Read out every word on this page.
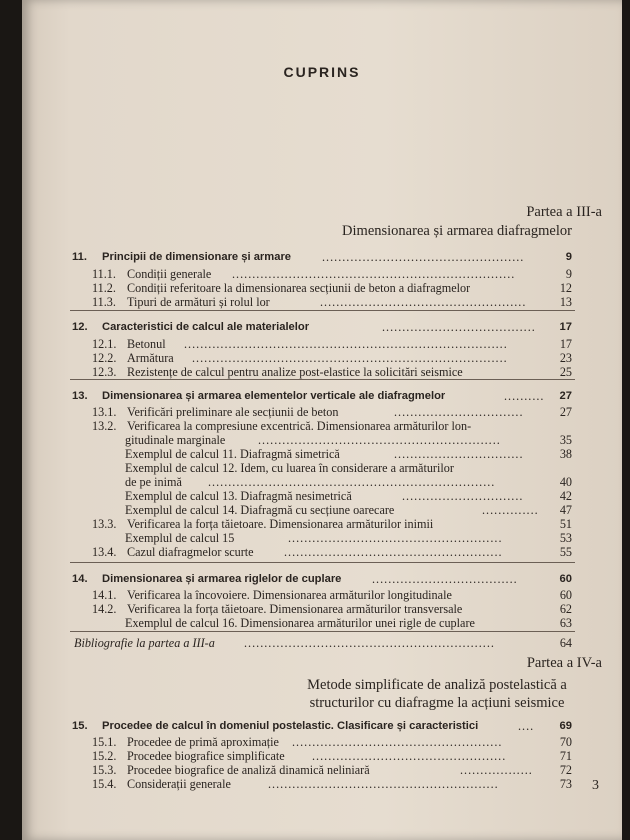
CUPRINS
Partea a III-a
Dimensionarea și armarea diafragmelor
11. Principii de dimensionare și armare	..................................................	9
11.1. Condiții generale ......................................................................	9
11.2. Condiții referitoare la dimensionarea secțiunii de beton a diafragmelor	12
11.3. Tipuri de armături și rolul lor	...................................................	13
12. Caracteristici de calcul ale materialelor	......................................	17
12.1. Betonul ................................................................................	17
12.2. Armătura ..............................................................................	23
12.3. Rezistențe de calcul pentru analize post-elastice la solicitări seismice	25
13. Dimensionarea și armarea elementelor verticale ale diafragmelor	..........	27
13.1. Verificări preliminare ale secțiunii de beton	................................	27
13.2. Verificarea la compresiune excentrică. Dimensionarea armăturilor lon-
gitudinale marginale	............................................................	35
Exemplul de calcul 11. Diafragmă simetrică	................................	38
Exemplul de calcul 12. Idem, cu luarea în considerare a armăturilor
de pe inimă .......................................................................	40
Exemplul de calcul 13. Diafragmă nesimetrică	..............................	42
Exemplul de calcul 14. Diafragmă cu secțiune oarecare	..............	47
13.3. Verificarea la forța tăietoare. Dimensionarea armăturilor inimii	51
Exemplul de calcul 15	.....................................................	53
13.4. Cazul diafragmelor scurte ......................................................	55
14. Dimensionarea și armarea riglelor de cuplare	....................................	60
14.1. Verificarea la încovoiere. Dimensionarea armăturilor longitudinale	60
14.2. Verificarea la forța tăietoare. Dimensionarea armăturilor transversale	62
Exemplul de calcul 16. Dimensionarea armăturilor unei rigle de cuplare	63
Bibliografie la partea a III-a ..............................................................	64
Partea a IV-a
Metode simplificate de analiză postelastică a
structurilor cu diafragme la acțiuni seismice
15. Procedee de calcul în domeniul postelastic. Clasificare și caracteristici	....	69
15.1. Procedee de primă aproximație ....................................................	70
15.2. Procedee biografice simplificate ................................................	71
15.3. Procedee biografice de analiză dinamică neliniară	..................	72
15.4. Considerații generale	.........................................................	73 3
